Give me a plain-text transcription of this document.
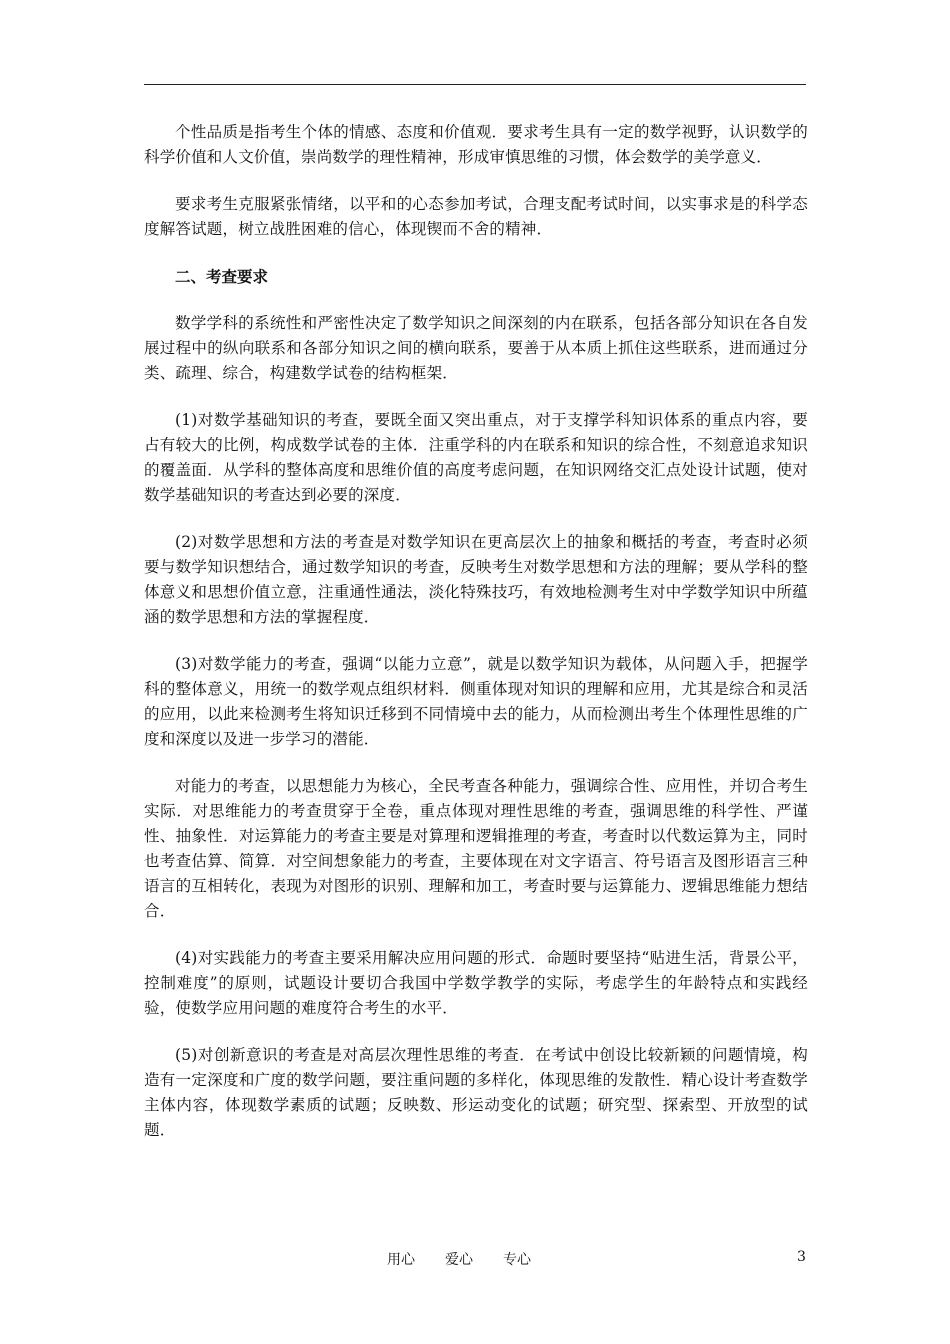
个性品质是指考生个体的情感、态度和价值观．要求考生具有一定的数学视野，认识数学的科学价值和人文价值，崇尚数学的理性精神，形成审慎思维的习惯，体会数学的美学意义．

要求考生克服紧张情绪，以平和的心态参加考试，合理支配考试时间，以实事求是的科学态度解答试题，树立战胜困难的信心，体现锲而不舍的精神．

二、考查要求

数学学科的系统性和严密性决定了数学知识之间深刻的内在联系，包括各部分知识在各自发展过程中的纵向联系和各部分知识之间的横向联系，要善于从本质上抓住这些联系，进而通过分类、疏理、综合，构建数学试卷的结构框架．

(1)对数学基础知识的考查，要既全面又突出重点，对于支撑学科知识体系的重点内容，要占有较大的比例，构成数学试卷的主体．注重学科的内在联系和知识的综合性，不刻意追求知识的覆盖面．从学科的整体高度和思维价值的高度考虑问题，在知识网络交汇点处设计试题，使对数学基础知识的考查达到必要的深度．

(2)对数学思想和方法的考查是对数学知识在更高层次上的抽象和概括的考查，考查时必须要与数学知识想结合，通过数学知识的考查，反映考生对数学思想和方法的理解；要从学科的整体意义和思想价值立意，注重通性通法，淡化特殊技巧，有效地检测考生对中学数学知识中所蕴涵的数学思想和方法的掌握程度．

(3)对数学能力的考查，强调“以能力立意”，就是以数学知识为载体，从问题入手，把握学科的整体意义，用统一的数学观点组织材料．侧重体现对知识的理解和应用，尤其是综合和灵活的应用，以此来检测考生将知识迁移到不同情境中去的能力，从而检测出考生个体理性思维的广度和深度以及进一步学习的潜能．

对能力的考查，以思想能力为核心，全民考查各种能力，强调综合性、应用性，并切合考生实际．对思维能力的考查贯穿于全卷，重点体现对理性思维的考查，强调思维的科学性、严谨性、抽象性．对运算能力的考查主要是对算理和逻辑推理的考查，考查时以代数运算为主，同时也考查估算、简算．对空间想象能力的考查，主要体现在对文字语言、符号语言及图形语言三种语言的互相转化，表现为对图形的识别、理解和加工，考查时要与运算能力、逻辑思维能力想结合．

(4)对实践能力的考查主要采用解决应用问题的形式．命题时要坚持“贴进生活，背景公平，控制难度”的原则，试题设计要切合我国中学数学教学的实际，考虑学生的年龄特点和实践经验，使数学应用问题的难度符合考生的水平．

(5)对创新意识的考查是对高层次理性思维的考查．在考试中创设比较新颖的问题情境，构造有一定深度和广度的数学问题，要注重问题的多样化，体现思维的发散性．精心设计考查数学主体内容，体现数学素质的试题；反映数、形运动变化的试题；研究型、探索型、开放型的试题．

用心 爱心 专心	3
